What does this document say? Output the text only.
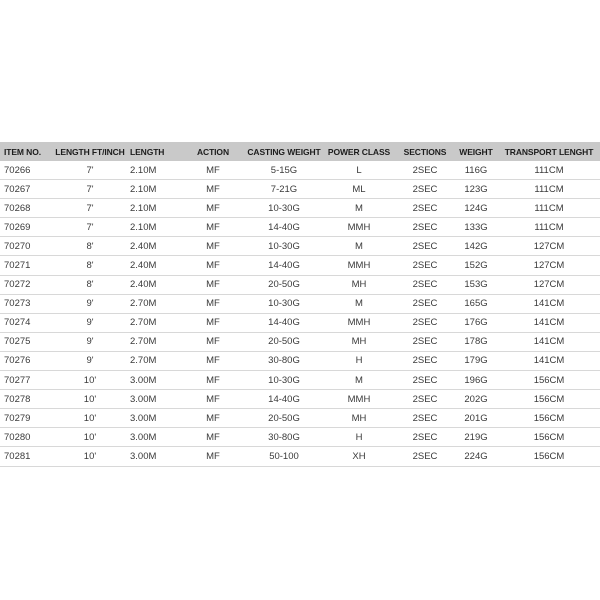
ITEM NO.	LENGTH FT/INCH	LENGTH	ACTION	CASTING WEIGHT	POWER CLASS	SECTIONS	WEIGHT	TRANSPORT LENGHT
70266	7'	2.10M	MF	5-15G	L	2SEC	116G	111CM
70267	7'	2.10M	MF	7-21G	ML	2SEC	123G	111CM
70268	7'	2.10M	MF	10-30G	M	2SEC	124G	111CM
70269	7'	2.10M	MF	14-40G	MMH	2SEC	133G	111CM
70270	8'	2.40M	MF	10-30G	M	2SEC	142G	127CM
70271	8'	2.40M	MF	14-40G	MMH	2SEC	152G	127CM
70272	8'	2.40M	MF	20-50G	MH	2SEC	153G	127CM
70273	9'	2.70M	MF	10-30G	M	2SEC	165G	141CM
70274	9'	2.70M	MF	14-40G	MMH	2SEC	176G	141CM
70275	9'	2.70M	MF	20-50G	MH	2SEC	178G	141CM
70276	9'	2.70M	MF	30-80G	H	2SEC	179G	141CM
70277	10'	3.00M	MF	10-30G	M	2SEC	196G	156CM
70278	10'	3.00M	MF	14-40G	MMH	2SEC	202G	156CM
70279	10'	3.00M	MF	20-50G	MH	2SEC	201G	156CM
70280	10'	3.00M	MF	30-80G	H	2SEC	219G	156CM
70281	10'	3.00M	MF	50-100	XH	2SEC	224G	156CM
